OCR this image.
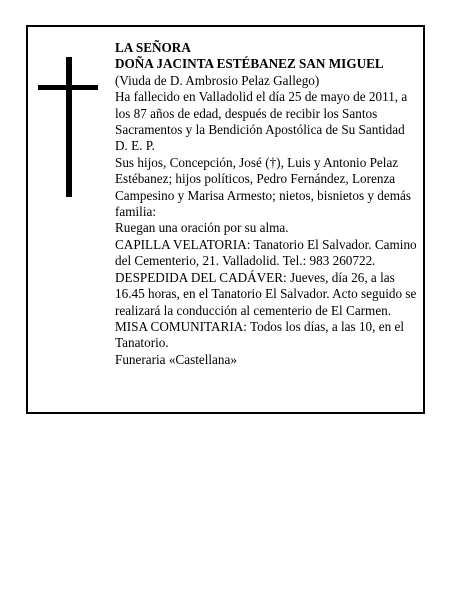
LA SEÑORA

DOÑA JACINTA ESTÉBANEZ SAN MIGUEL

(Viuda de D. Ambrosio Pelaz Gallego)

Ha fallecido en Valladolid el día 25 de mayo de 2011, a los 87 años de edad, después de recibir los Santos Sacramentos y la Bendición Apostólica de Su Santidad

D. E. P.

Sus hijos, Concepción, José (†), Luis y Antonio Pelaz Estébanez; hijos políticos, Pedro Fernández, Lorenza Campesino y Marisa Armesto; nietos, bisnietos y demás familia:

Ruegan una oración por su alma.

CAPILLA VELATORIA: Tanatorio El Salvador. Camino del Cementerio, 21. Valladolid. Tel.: 983 260722.

DESPEDIDA DEL CADÁVER: Jueves, día 26, a las 16.45 horas, en el Tanatorio El Salvador. Acto seguido se realizará la conducción al cementerio de El Carmen.

MISA COMUNITARIA: Todos los días, a las 10, en el Tanatorio.

Funeraria «Castellana»
